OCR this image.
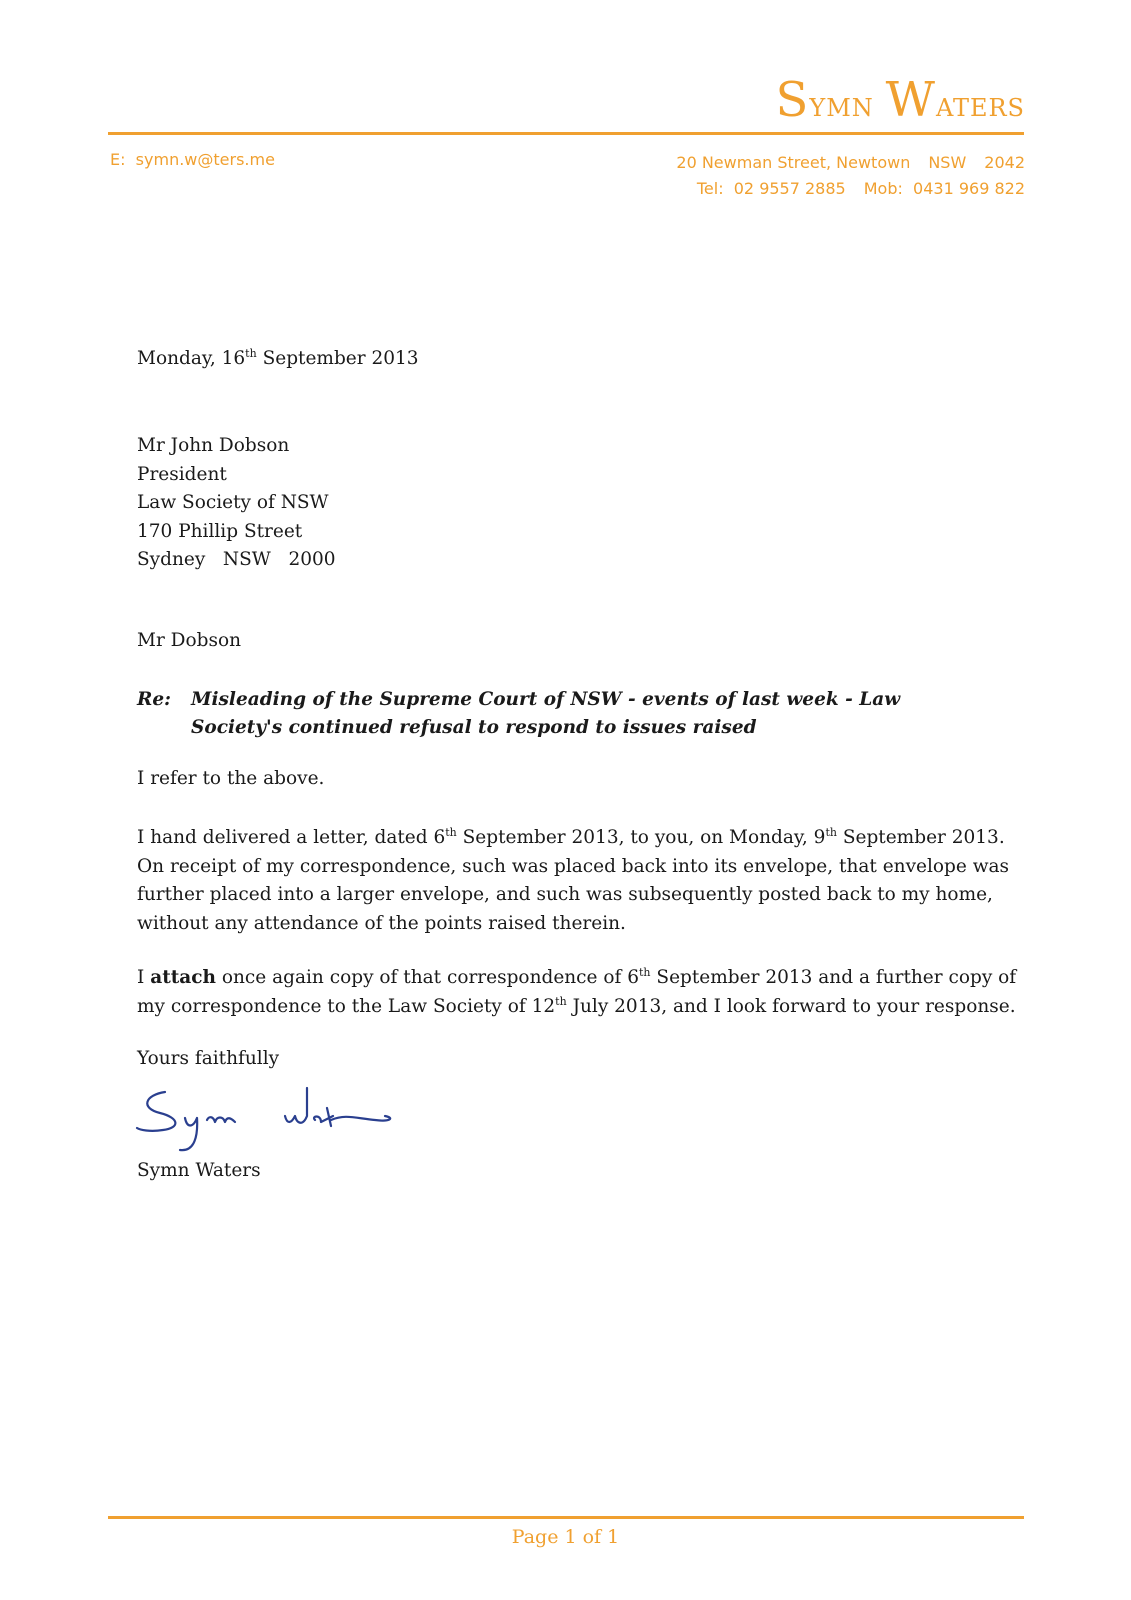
Symn Waters
E: symn.w@ters.me	20 Newman Street, Newtown NSW 2042
Tel: 02 9557 2885 Mob: 0431 969 822
Monday, 16th September 2013
Mr John Dobson
President
Law Society of NSW
170 Phillip Street
Sydney   NSW   2000
Mr Dobson
Re: Misleading of the Supreme Court of NSW - events of last week - Law Society's continued refusal to respond to issues raised
I refer to the above.
I hand delivered a letter, dated 6th September 2013, to you, on Monday, 9th September 2013. On receipt of my correspondence, such was placed back into its envelope, that envelope was further placed into a larger envelope, and such was subsequently posted back to my home, without any attendance of the points raised therein.
I attach once again copy of that correspondence of 6th September 2013 and a further copy of my correspondence to the Law Society of 12th July 2013, and I look forward to your response.
Yours faithfully
Symn Waters
Page 1 of 1
